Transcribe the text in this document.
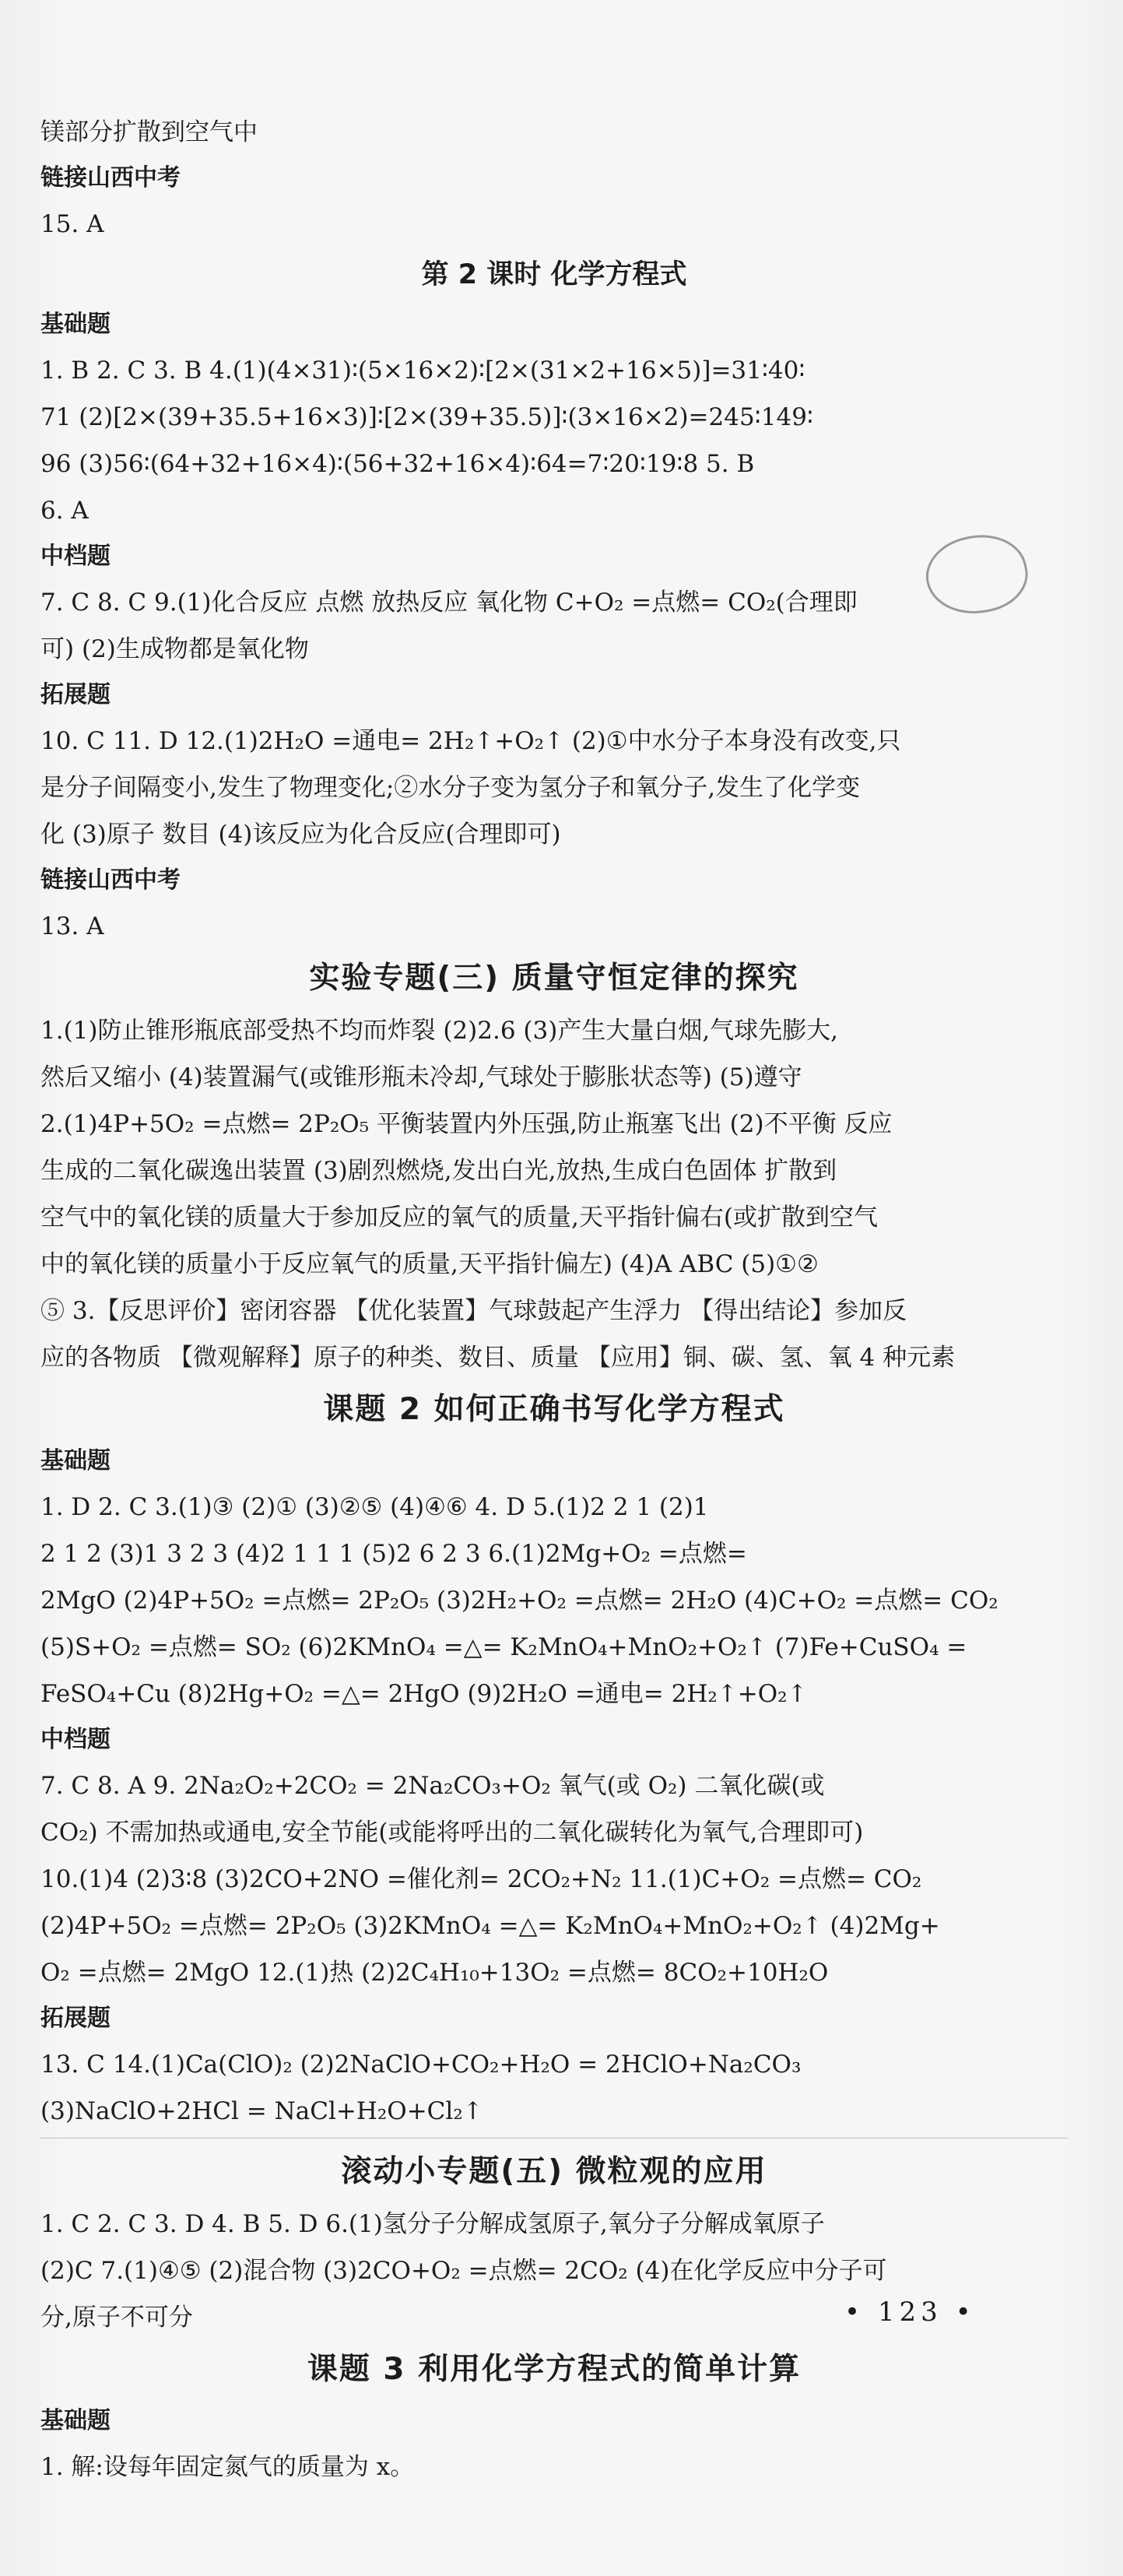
镁部分扩散到空气中
链接山西中考
15. A
第 2 课时 化学方程式
基础题
1. B 2. C 3. B 4.(1)(4×31)∶(5×16×2)∶[2×(31×2+16×5)]=31∶40∶
71 (2)[2×(39+35.5+16×3)]∶[2×(39+35.5)]∶(3×16×2)=245∶149∶
96 (3)56∶(64+32+16×4)∶(56+32+16×4)∶64=7∶20∶19∶8 5. B
6. A
中档题
7. C 8. C 9.(1)化合反应 点燃 放热反应 氧化物 C+O₂ =点燃= CO₂(合理即
可) (2)生成物都是氧化物
拓展题
10. C 11. D 12.(1)2H₂O =通电= 2H₂↑+O₂↑ (2)①中水分子本身没有改变,只
是分子间隔变小,发生了物理变化;②水分子变为氢分子和氧分子,发生了化学变
化 (3)原子 数目 (4)该反应为化合反应(合理即可)
链接山西中考
13. A
实验专题(三) 质量守恒定律的探究
1.(1)防止锥形瓶底部受热不均而炸裂 (2)2.6 (3)产生大量白烟,气球先膨大,
然后又缩小 (4)装置漏气(或锥形瓶未冷却,气球处于膨胀状态等) (5)遵守
2.(1)4P+5O₂ =点燃= 2P₂O₅ 平衡装置内外压强,防止瓶塞飞出 (2)不平衡 反应
生成的二氧化碳逸出装置 (3)剧烈燃烧,发出白光,放热,生成白色固体 扩散到
空气中的氧化镁的质量大于参加反应的氧气的质量,天平指针偏右(或扩散到空气
中的氧化镁的质量小于反应氧气的质量,天平指针偏左) (4)A ABC (5)①②
⑤ 3.【反思评价】密闭容器 【优化装置】气球鼓起产生浮力 【得出结论】参加反
应的各物质 【微观解释】原子的种类、数目、质量 【应用】铜、碳、氢、氧 4 种元素
课题 2 如何正确书写化学方程式
基础题
1. D 2. C 3.(1)③ (2)① (3)②⑤ (4)④⑥ 4. D 5.(1)2 2 1 (2)1
2 1 2 (3)1 3 2 3 (4)2 1 1 1 (5)2 6 2 3 6.(1)2Mg+O₂ =点燃=
2MgO (2)4P+5O₂ =点燃= 2P₂O₅ (3)2H₂+O₂ =点燃= 2H₂O (4)C+O₂ =点燃= CO₂
(5)S+O₂ =点燃= SO₂ (6)2KMnO₄ =△= K₂MnO₄+MnO₂+O₂↑ (7)Fe+CuSO₄ =
FeSO₄+Cu (8)2Hg+O₂ =△= 2HgO (9)2H₂O =通电= 2H₂↑+O₂↑
中档题
7. C 8. A 9. 2Na₂O₂+2CO₂ = 2Na₂CO₃+O₂ 氧气(或 O₂) 二氧化碳(或
CO₂) 不需加热或通电,安全节能(或能将呼出的二氧化碳转化为氧气,合理即可)
10.(1)4 (2)3∶8 (3)2CO+2NO =催化剂= 2CO₂+N₂ 11.(1)C+O₂ =点燃= CO₂
(2)4P+5O₂ =点燃= 2P₂O₅ (3)2KMnO₄ =△= K₂MnO₄+MnO₂+O₂↑ (4)2Mg+
O₂ =点燃= 2MgO 12.(1)热 (2)2C₄H₁₀+13O₂ =点燃= 8CO₂+10H₂O
拓展题
13. C 14.(1)Ca(ClO)₂ (2)2NaClO+CO₂+H₂O = 2HClO+Na₂CO₃
(3)NaClO+2HCl = NaCl+H₂O+Cl₂↑
滚动小专题(五) 微粒观的应用
1. C 2. C 3. D 4. B 5. D 6.(1)氢分子分解成氢原子,氧分子分解成氧原子
(2)C 7.(1)④⑤ (2)混合物 (3)2CO+O₂ =点燃= 2CO₂ (4)在化学反应中分子可
分,原子不可分
课题 3 利用化学方程式的简单计算
基础题
1. 解:设每年固定氮气的质量为 x。
• 123 •
